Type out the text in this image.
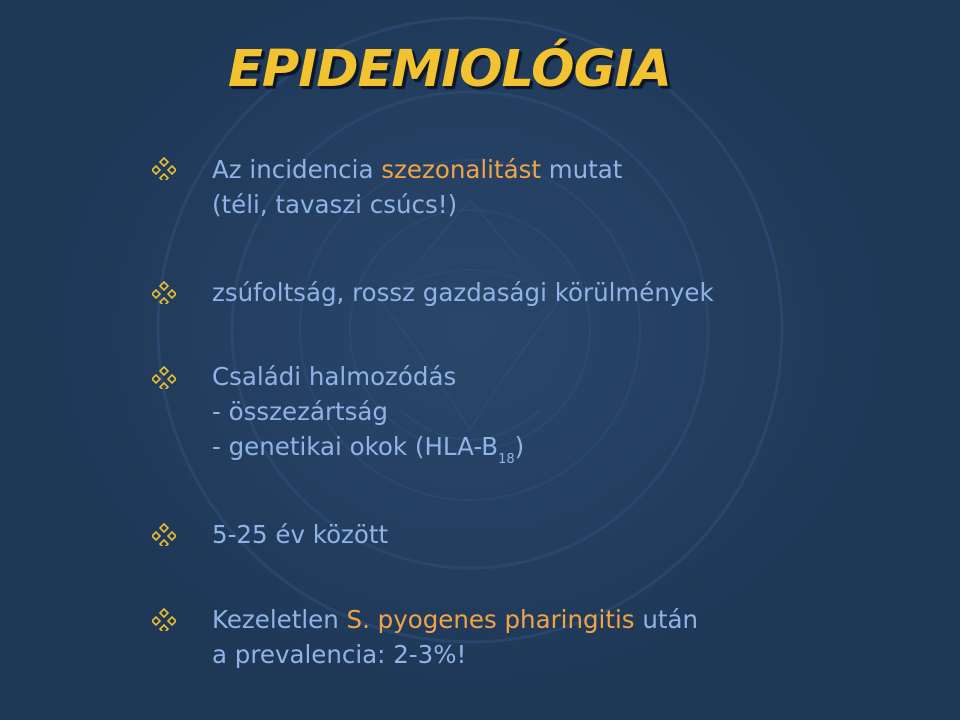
EPIDEMIOLÓGIA
Az incidencia szezonalitást mutat
(téli, tavaszi csúcs!)
zsúfoltság, rossz gazdasági körülmények
Családi halmozódás
- összezártság
- genetikai okok $(HLA-B_{18})$
5-25 év között
Kezeletlen S. pyogenes pharingitis után
a prevalencia: 2-3%!
